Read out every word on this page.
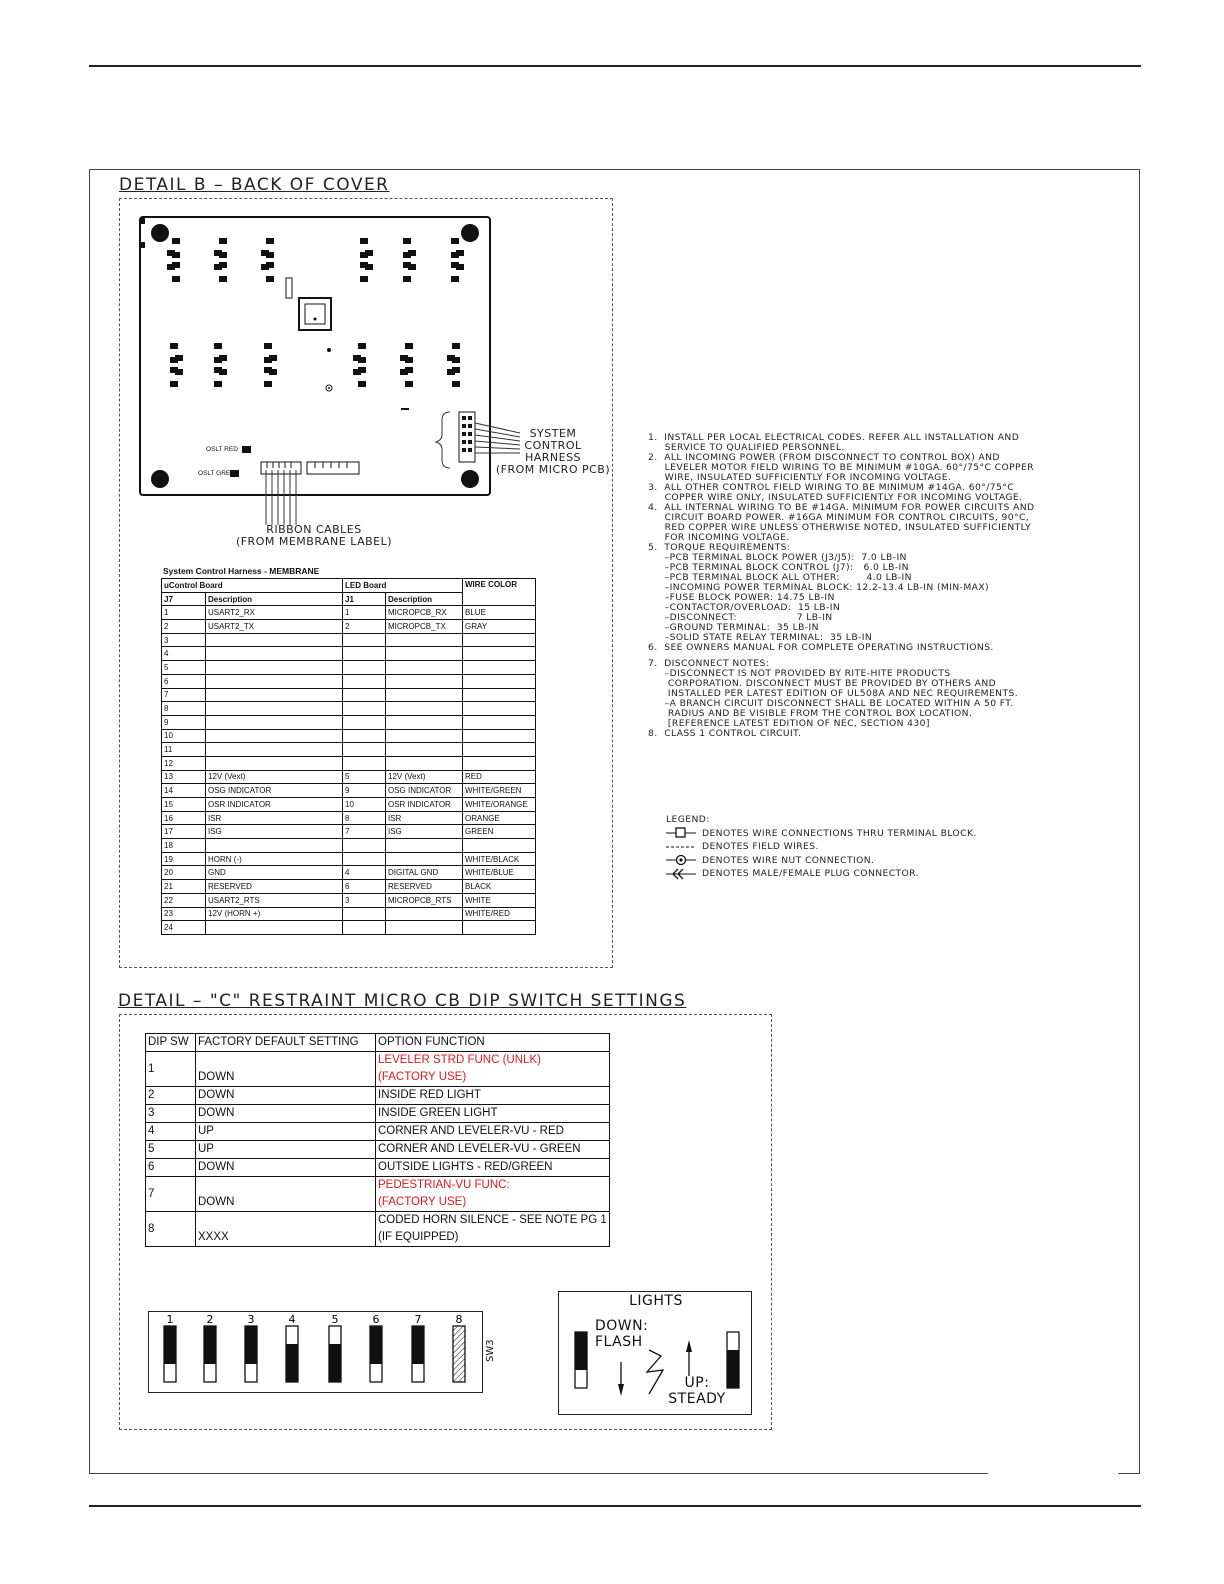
DETAIL B – BACK OF COVER
OSLT RED
OSLT GREEN
SYSTEM
CONTROL
HARNESS
(FROM MICRO PCB)
RIBBON CABLES
(FROM MEMBRANE LABEL)
System Control Harness - MEMBRANE
uControl Board		LED Board		WIRE COLOR
J7	Description	J1	Description	
1	USART2_RX	1	MICROPCB_RX	BLUE
2	USART2_TX	2	MICROPCB_TX	GRAY
3				
4				
5				
6				
7				
8				
9				
10				
11				
12				
13	12V (Vext)	5	12V (Vext)	RED
14	OSG INDICATOR	9	OSG INDICATOR	WHITE/GREEN
15	OSR INDICATOR	10	OSR INDICATOR	WHITE/ORANGE
16	ISR	8	ISR	ORANGE
17	ISG	7	ISG	GREEN
18				
19	HORN (-)			WHITE/BLACK
20	GND	4	DIGITAL GND	WHITE/BLUE
21	RESERVED	6	RESERVED	BLACK
22	USART2_RTS	3	MICROPCB_RTS	WHITE
23	12V (HORN +)			WHITE/RED
24				
1.  INSTALL PER LOCAL ELECTRICAL CODES. REFER ALL INSTALLATION AND
SERVICE TO QUALIFIED PERSONNEL.
2.  ALL INCOMING POWER (FROM DISCONNECT TO CONTROL BOX) AND
LEVELER MOTOR FIELD WIRING TO BE MINIMUM #10GA. 60°/75°C COPPER
WIRE, INSULATED SUFFICIENTLY FOR INCOMING VOLTAGE.
3.  ALL OTHER CONTROL FIELD WIRING TO BE MINIMUM #14GA. 60°/75°C
COPPER WIRE ONLY, INSULATED SUFFICIENTLY FOR INCOMING VOLTAGE.
4.  ALL INTERNAL WIRING TO BE #14GA. MINIMUM FOR POWER CIRCUITS AND
CIRCUIT BOARD POWER. #16GA MINIMUM FOR CONTROL CIRCUITS, 90°C,
RED COPPER WIRE UNLESS OTHERWISE NOTED, INSULATED SUFFICIENTLY
FOR INCOMING VOLTAGE.
5.  TORQUE REQUIREMENTS:
–PCB TERMINAL BLOCK POWER (J3/J5):  7.0 LB-IN
–PCB TERMINAL BLOCK CONTROL (J7):   6.0 LB-IN
–PCB TERMINAL BLOCK ALL OTHER:        4.0 LB-IN
–INCOMING POWER TERMINAL BLOCK: 12.2-13.4 LB-IN (MIN-MAX)
–FUSE BLOCK POWER: 14.75 LB-IN
–CONTACTOR/OVERLOAD:  15 LB-IN
–DISCONNECT:                  7 LB-IN
–GROUND TERMINAL:  35 LB-IN
–SOLID STATE RELAY TERMINAL:  35 LB-IN
6.  SEE OWNERS MANUAL FOR COMPLETE OPERATING INSTRUCTIONS.
7.  DISCONNECT NOTES:
–DISCONNECT IS NOT PROVIDED BY RITE-HITE PRODUCTS
CORPORATION. DISCONNECT MUST BE PROVIDED BY OTHERS AND
INSTALLED PER LATEST EDITION OF UL508A AND NEC REQUIREMENTS.
–A BRANCH CIRCUIT DISCONNECT SHALL BE LOCATED WITHIN A 50 FT.
RADIUS AND BE VISIBLE FROM THE CONTROL BOX LOCATION.
[REFERENCE LATEST EDITION OF NEC, SECTION 430]
8.  CLASS 1 CONTROL CIRCUIT.
LEGEND:
DENOTES WIRE CONNECTIONS THRU TERMINAL BLOCK.
DENOTES FIELD WIRES.
DENOTES WIRE NUT CONNECTION.
DENOTES MALE/FEMALE PLUG CONNECTOR.
DETAIL – "C" RESTRAINT MICRO CB DIP SWITCH SETTINGS
DIP SW	FACTORY DEFAULT SETTING	OPTION FUNCTION
1	DOWN	LEVELER STRD FUNC (UNLK)
(FACTORY USE)

2	DOWN	INSIDE RED LIGHT

3	DOWN	INSIDE GREEN LIGHT

4	UP	CORNER AND LEVELER-VU - RED

5	UP	CORNER AND LEVELER-VU - GREEN

6	DOWN	OUTSIDE LIGHTS - RED/GREEN

7	DOWN	PEDESTRIAN-VU FUNC:
(FACTORY USE)

8	XXXX	CODED HORN SILENCE - SEE NOTE PG 1
(IF EQUIPPED)
1	2	3	4	5	6	7	8
SW3
LIGHTS
DOWN:
FLASH
UP:
STEADY
